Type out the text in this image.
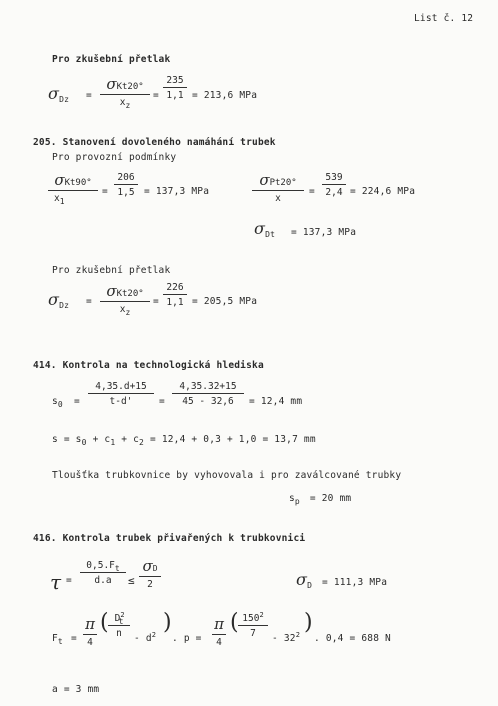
List č. 12
Pro zkušební přetlak
σDz =
σKt20°
$x_z$
= $\frac{235}{1,1} = 213,6$ MPa
205. Stanovení dovoleného namáhání trubek
Pro provozní podmínky
σKt90°
$x_1$
= $\frac{206}{1,5} = 137,3$ MPa
σPt20°
x
= $\frac{539}{2,4} = 224,6$ MPa
σDt = 137,3 MPa
Pro zkušební přetlak
σDz =
σKt20°
$x_z$
= $\frac{226}{1,1} = 205,5$ MPa
414. Kontrola na technologická hlediska
$s_0 = \frac{4,35.d+15}{t-d'} = \frac{4,35.32+15}{45 - 32,6} = 12,4$ mm
$s = s_0 + c_1 + c_2 = 12,4 + 0,3 + 1,0 = 13,7$ mm
Tloušťka trubkovnice by vyhovovala i pro zaválcované trubky
$s_p = 20$ mm
416. Kontrola trubek přivařených k trubkovnici
$\tau = \frac{0,5.F_t}{d.a}$ ≤
σD
2	σD = 111,3 MPa
$F_t$ =
π
4
( $\frac{D^2_t}{n} - d^2$ )
. p =
π
4
( $\frac{150^2}{7} - 32^2$ )
. 0,4 = 688 N
a = 3 mm
